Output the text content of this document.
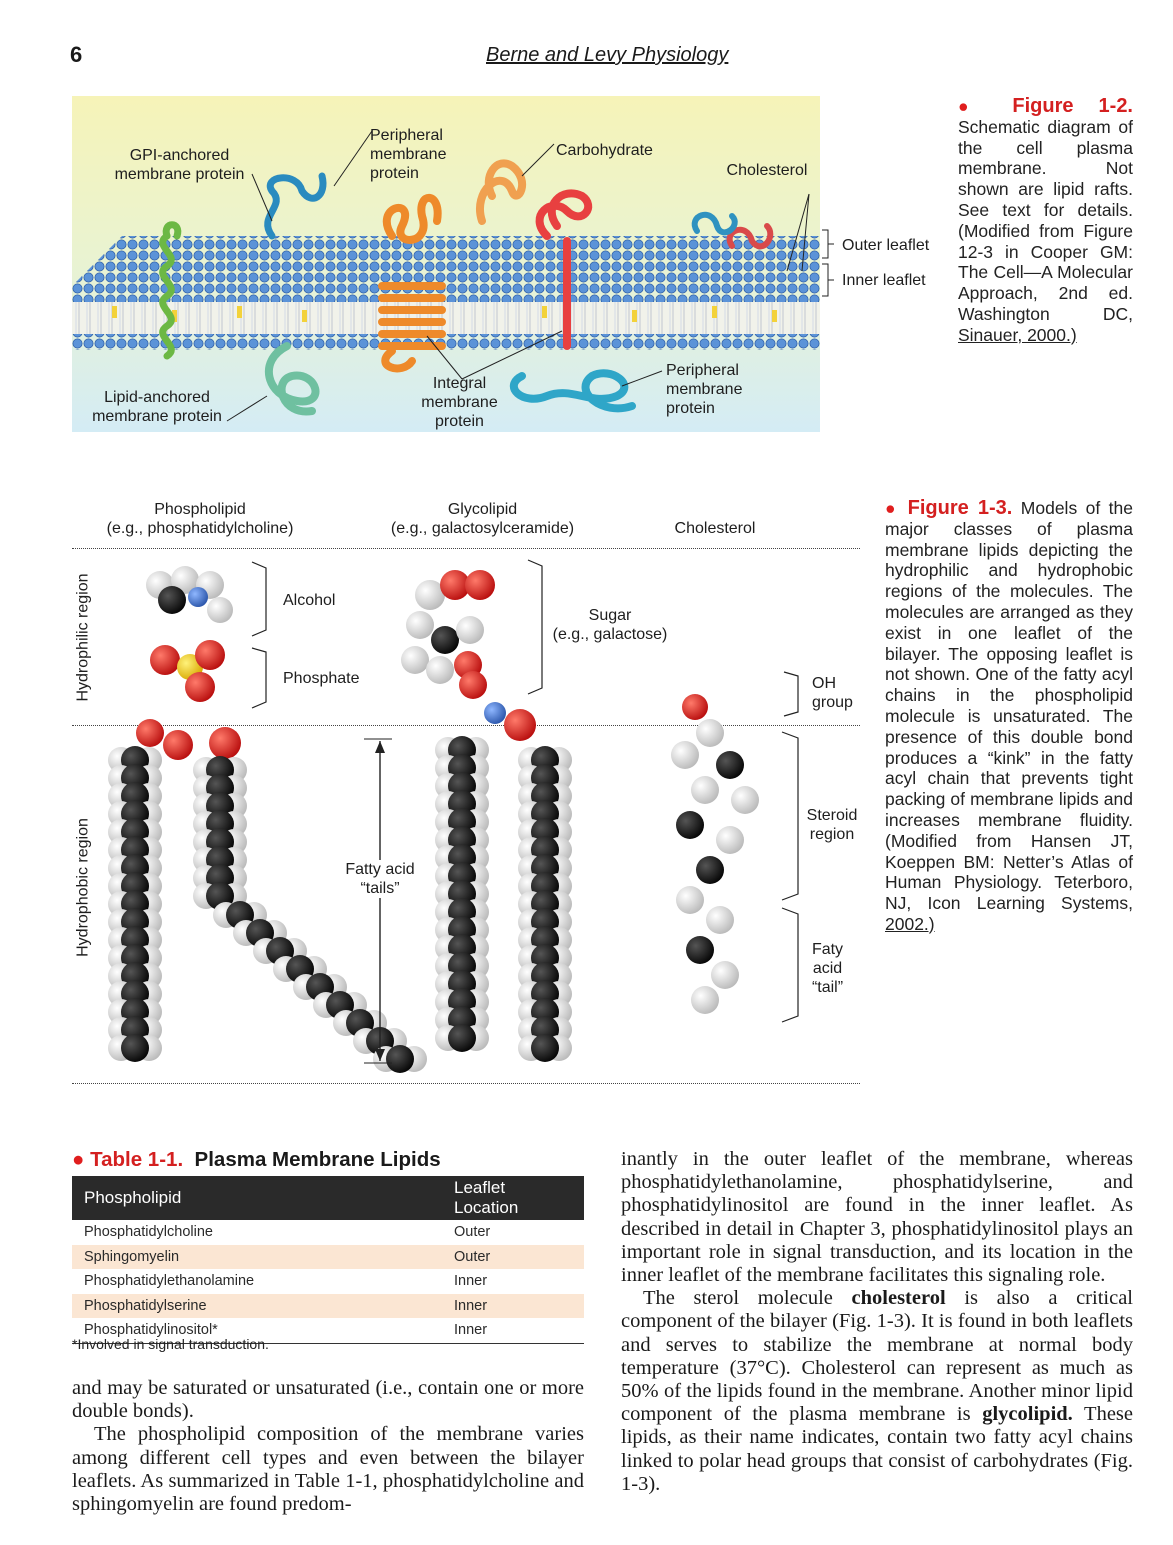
6	Berne and Levy Physiology
GPI-anchored membrane protein
Peripheral membrane protein
Carbohydrate
Cholesterol
Lipid-anchored membrane protein
Integral membrane protein
Peripheral membrane protein
Outer leaflet
Inner leaflet
● Figure 1-2. Schematic diagram of the cell plasma membrane. Not shown are lipid rafts. See text for details. (Modified from Figure 12-3 in Cooper GM: The Cell—A Molecular Approach, 2nd ed. Washington DC, Sinauer, 2000.)
Phospholipid
(e.g., phosphatidylcholine)
Glycolipid
(e.g., galactosylceramide)	Cholesterol
Hydrophilic region
Hydrophobic region
Alcohol
Phosphate
Sugar
(e.g., galactose)
OH
group
Fatty acid
“tails”
Steroid
region
Faty
acid
“tail”
● Figure 1-3. Models of the major classes of plasma membrane lipids depicting the hydrophilic and hydrophobic regions of the molecules. The molecules are arranged as they exist in one leaflet of the bilayer. The opposing leaflet is not shown. One of the fatty acyl chains in the phospholipid molecule is unsaturated. The presence of this double bond produces a “kink” in the fatty acyl chain that prevents tight packing of membrane lipids and increases membrane fluidity. (Modified from Hansen JT, Koeppen BM: Netter’s Atlas of Human Physiology. Teterboro, NJ, Icon Learning Systems, 2002.)
● Table 1-1. Plasma Membrane Lipids
Phospholipid	Leaflet Location
Phosphatidylcholine	Outer
Sphingomyelin	Outer
Phosphatidylethanolamine	Inner
Phosphatidylserine	Inner
Phosphatidylinositol*	Inner
*Involved in signal transduction.

and may be saturated or unsaturated (i.e., contain one or more double bonds).

The phospholipid composition of the membrane varies among different cell types and even between the bilayer leaflets. As summarized in Table 1-1, phosphatidylcholine and sphingomyelin are found predom-

inantly in the outer leaflet of the membrane, whereas phosphatidylethanolamine, phosphatidylserine, and phosphatidylinositol are found in the inner leaflet. As described in detail in Chapter 3, phosphatidylinositol plays an important role in signal transduction, and its location in the inner leaflet of the membrane facilitates this signaling role.

The sterol molecule cholesterol is also a critical component of the bilayer (Fig. 1-3). It is found in both leaflets and serves to stabilize the membrane at normal body temperature (37°C). Cholesterol can represent as much as 50% of the lipids found in the membrane. Another minor lipid component of the plasma membrane is glycolipid. These lipids, as their name indicates, contain two fatty acyl chains linked to polar head groups that consist of carbohydrates (Fig. 1-3).
